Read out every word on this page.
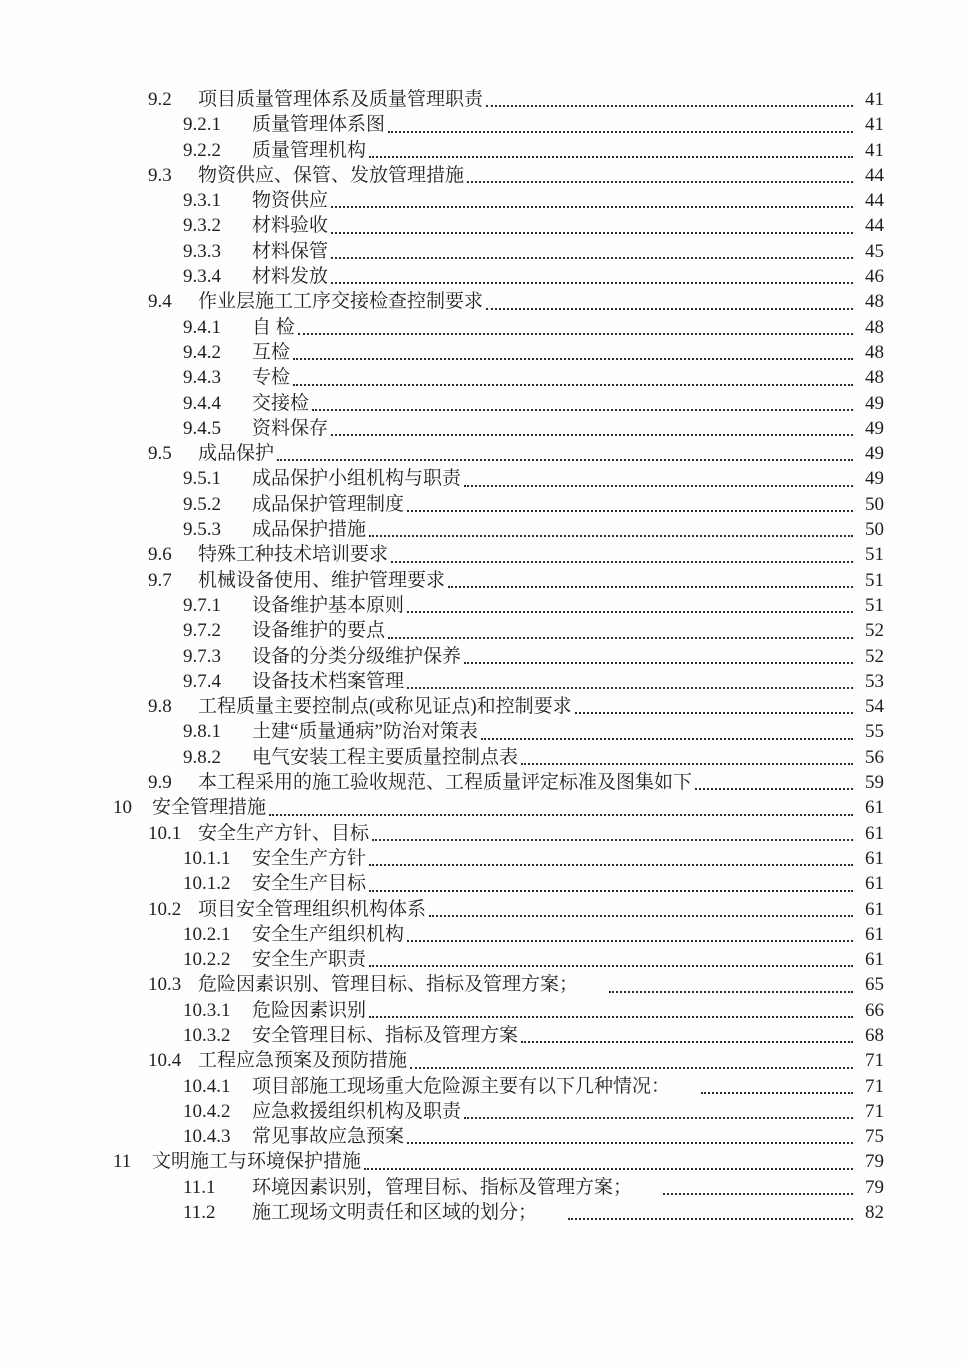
9.2	项目质量管理体系及质量管理职责	41
9.2.1	质量管理体系图	41
9.2.2	质量管理机构	41
9.3	物资供应、保管、发放管理措施	44
9.3.1	物资供应	44
9.3.2	材料验收	44
9.3.3	材料保管	45
9.3.4	材料发放	46
9.4	作业层施工工序交接检查控制要求	48
9.4.1	自 检	48
9.4.2	互检	48
9.4.3	专检	48
9.4.4	交接检	49
9.4.5	资料保存	49
9.5	成品保护	49
9.5.1	成品保护小组机构与职责	49
9.5.2	成品保护管理制度	50
9.5.3	成品保护措施	50
9.6	特殊工种技术培训要求	51
9.7	机械设备使用、维护管理要求	51
9.7.1	设备维护基本原则	51
9.7.2	设备维护的要点	52
9.7.3	设备的分类分级维护保养	52
9.7.4	设备技术档案管理	53
9.8	工程质量主要控制点(或称见证点)和控制要求	54
9.8.1	土建“质量通病”防治对策表	55
9.8.2	电气安装工程主要质量控制点表	56
9.9	本工程采用的施工验收规范、工程质量评定标准及图集如下	59
10	安全管理措施	61
10.1 安全生产方针、目标	61
10.1.1	安全生产方针	61
10.1.2	安全生产目标	61
10.2 项目安全管理组织机构体系	61
10.2.1	安全生产组织机构	61
10.2.2	安全生产职责	61
10.3 危险因素识别、管理目标、指标及管理方案；	65
10.3.1	危险因素识别	66
10.3.2	安全管理目标、指标及管理方案	68
10.4 工程应急预案及预防措施	71
10.4.1	项目部施工现场重大危险源主要有以下几种情况：	71
10.4.2	应急救援组织机构及职责	71
10.4.3	常见事故应急预案	75
11	文明施工与环境保护措施	79
11.1	环境因素识别，管理目标、指标及管理方案；	79
11.2	施工现场文明责任和区域的划分；	82
